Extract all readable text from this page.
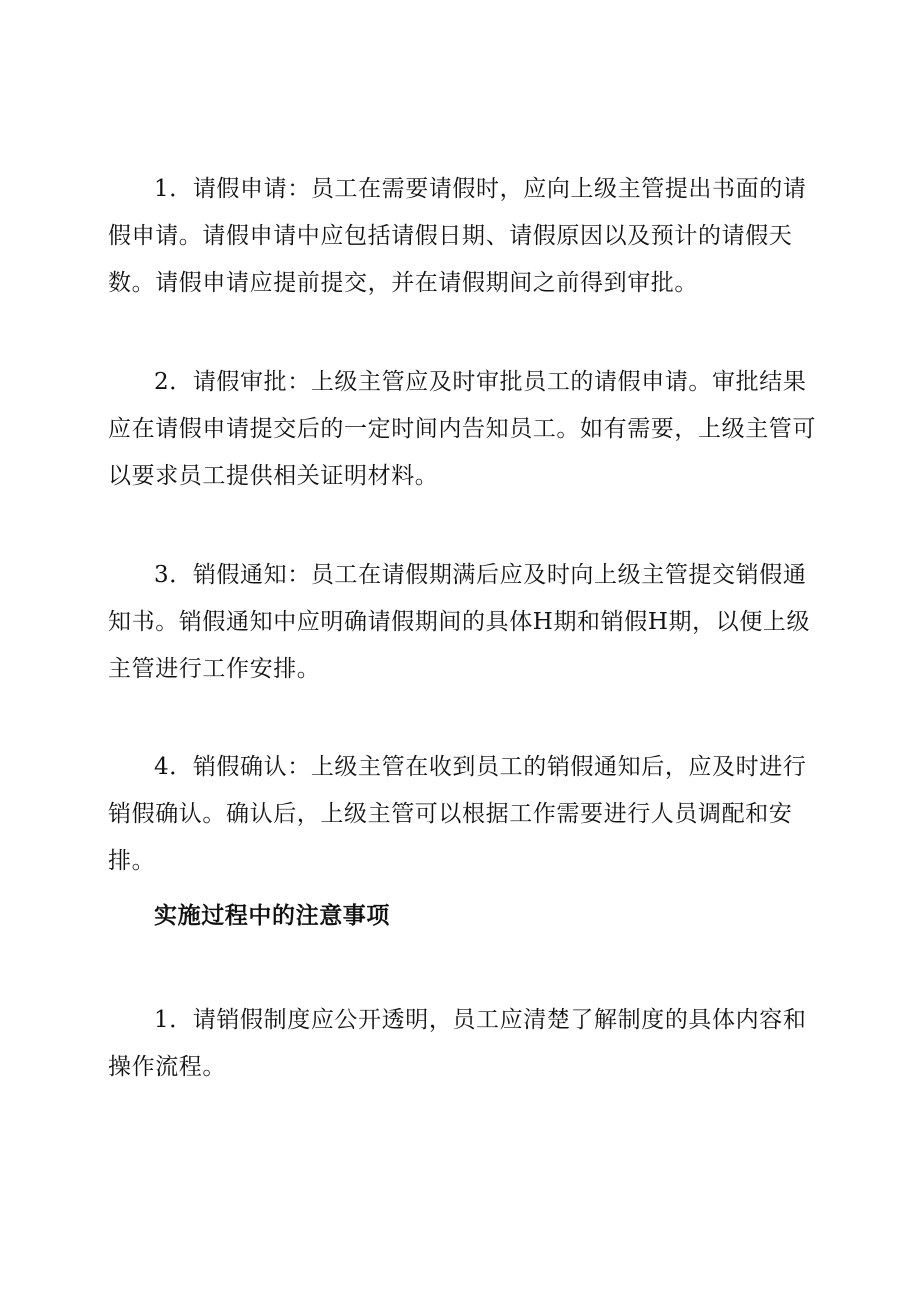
1．请假申请：员工在需要请假时，应向上级主管提出书面的请假申请。请假申请中应包括请假日期、请假原因以及预计的请假天数。请假申请应提前提交，并在请假期间之前得到审批。

2．请假审批：上级主管应及时审批员工的请假申请。审批结果应在请假申请提交后的一定时间内告知员工。如有需要，上级主管可以要求员工提供相关证明材料。

3．销假通知：员工在请假期满后应及时向上级主管提交销假通知书。销假通知中应明确请假期间的具体H期和销假H期，以便上级主管进行工作安排。

4．销假确认：上级主管在收到员工的销假通知后，应及时进行销假确认。确认后，上级主管可以根据工作需要进行人员调配和安排。

实施过程中的注意事项

1．请销假制度应公开透明，员工应清楚了解制度的具体内容和操作流程。
